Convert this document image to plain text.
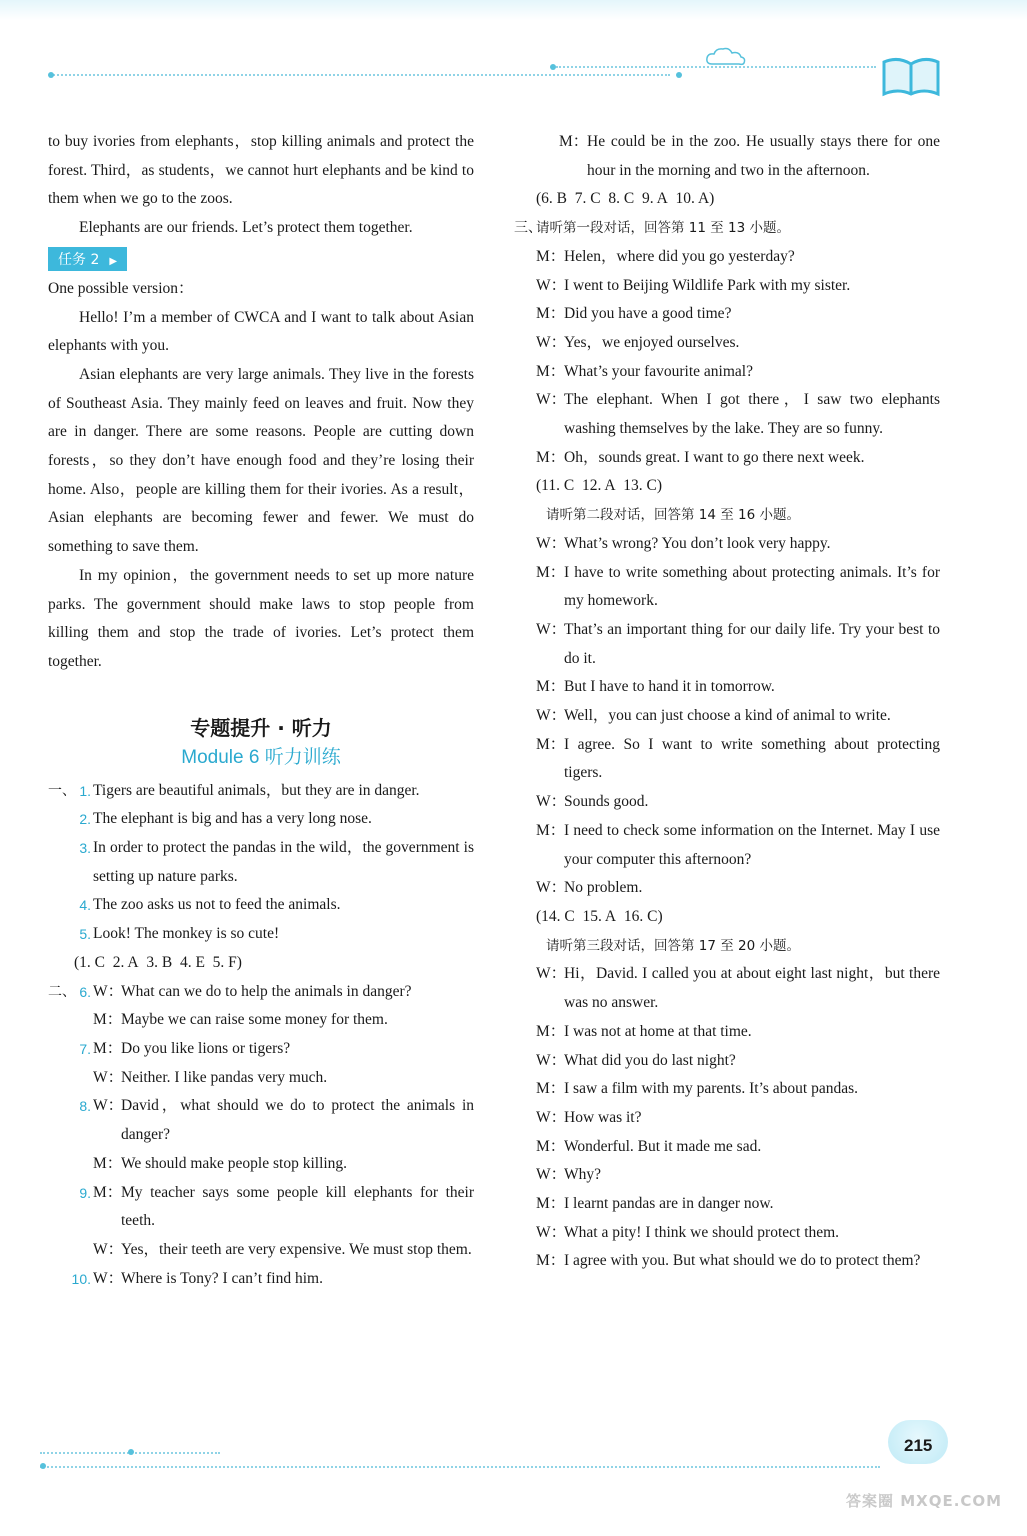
to buy ivories from elephants，stop killing animals and protect the forest. Third，as students，we cannot hurt elephants and be kind to them when we go to the zoos.

Elephants are our friends. Let’s protect them together.

任务 2 ▶

One possible version：

Hello! I’m a member of CWCA and I want to talk about Asian elephants with you.

Asian elephants are very large animals. They live in the forests of Southeast Asia. They mainly feed on leaves and fruit. Now they are in danger. There are some reasons. People are cutting down forests，so they don’t have enough food and they’re losing their home. Also，people are killing them for their ivories. As a result，Asian elephants are becoming fewer and fewer. We must do something to save them.

In my opinion，the government needs to set up more nature parks. The government should make laws to stop people from killing them and stop the trade of ivories. Let’s protect them together.

专题提升 · 听力
Module 6 听力训练
一、 1. Tigers are beautiful animals，but they are in danger.
2. The elephant is big and has a very long nose.
3. In order to protect the pandas in the wild，the government is setting up nature parks.
4. The zoo asks us not to feed the animals.
5. Look! The monkey is so cute!
(1. C 2. A 3. B 4. E 5. F)
二、 6. W：
What can we do to help the animals in danger?
M：
Maybe we can raise some money for them.
7. M：
Do you like lions or tigers?
W：
Neither. I like pandas very much.
8. W：
David，what should we do to protect the animals in danger?
M：
We should make people stop killing.
9. M：
My teacher says some people kill elephants for their teeth.
W：
Yes，their teeth are very expensive. We must stop them.
10. W：
Where is Tony? I can’t find him.
M：
He could be in the zoo. He usually stays there for one hour in the morning and two in the afternoon.
(6. B 7. C 8. C 9. A 10. A)
三、
请听第一段对话，回答第 11 至 13 小题。
M：
Helen，where did you go yesterday?
W：
I went to Beijing Wildlife Park with my sister.
M：
Did you have a good time?
W：
Yes，we enjoyed ourselves.
M：
What’s your favourite animal?
W：
The elephant. When I got there，I saw two elephants washing themselves by the lake. They are so funny.
M：
Oh，sounds great. I want to go there next week.
(11. C 12. A 13. C)
请听第二段对话，回答第 14 至 16 小题。
W：
What’s wrong? You don’t look very happy.
M：
I have to write something about protecting animals. It’s for my homework.
W：
That’s an important thing for our daily life. Try your best to do it.
M：
But I have to hand it in tomorrow.
W：
Well，you can just choose a kind of animal to write.
M：
I agree. So I want to write something about protecting tigers.
W：
Sounds good.
M：
I need to check some information on the Internet. May I use your computer this afternoon?
W：
No problem.
(14. C 15. A 16. C)
请听第三段对话，回答第 17 至 20 小题。
W：
Hi，David. I called you at about eight last night，but there was no answer.
M：
I was not at home at that time.
W：
What did you do last night?
M：
I saw a film with my parents. It’s about pandas.
W：
How was it?
M：
Wonderful. But it made me sad.
W：
Why?
M：
I learnt pandas are in danger now.
W：
What a pity! I think we should protect them.
M：
I agree with you. But what should we do to protect them?
215
答案圈 MXQE.COM
